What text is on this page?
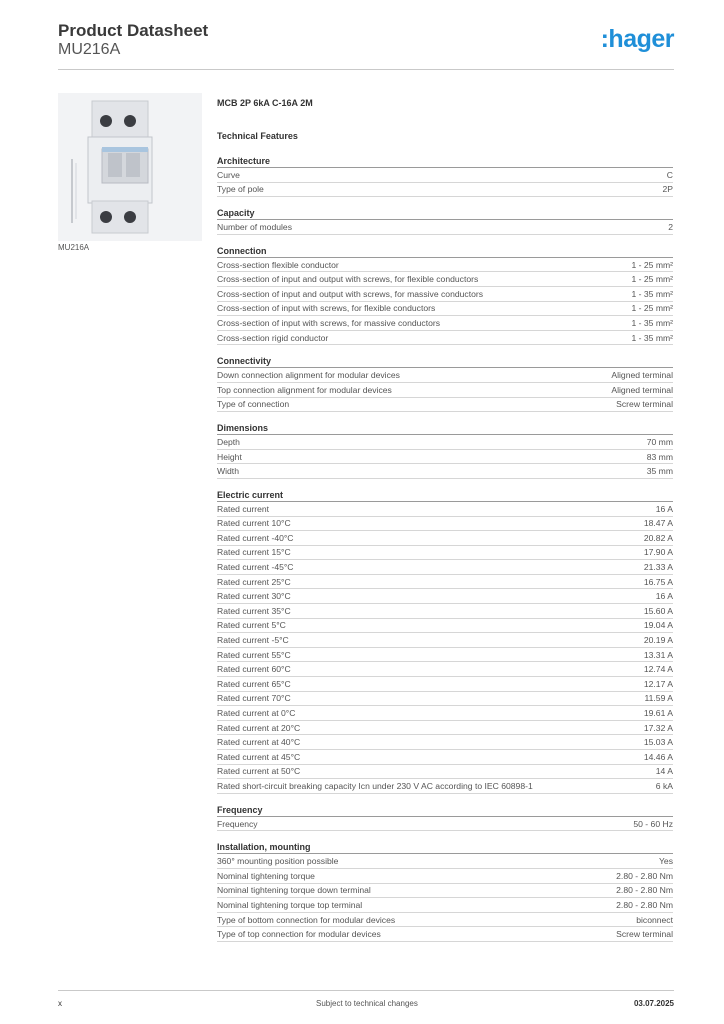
Product Datasheet
MU216A	:hager
MU216A
MCB 2P 6kA C-16A 2M
Technical Features
Architecture
Curve	C
Type of pole	2P
Capacity
Number of modules	2
Connection
Cross-section flexible conductor	1 - 25 mm²
Cross-section of input and output with screws, for flexible conductors	1 - 25 mm²
Cross-section of input and output with screws, for massive conductors	1 - 35 mm²
Cross-section of input with screws, for flexible conductors	1 - 25 mm²
Cross-section of input with screws, for massive conductors	1 - 35 mm²
Cross-section rigid conductor	1 - 35 mm²
Connectivity
Down connection alignment for modular devices	Aligned terminal
Top connection alignment for modular devices	Aligned terminal
Type of connection	Screw terminal
Dimensions
Depth	70 mm
Height	83 mm
Width	35 mm
Electric current
Rated current	16 A
Rated current 10°C	18.47 A
Rated current -40°C	20.82 A
Rated current 15°C	17.90 A
Rated current -45°C	21.33 A
Rated current 25°C	16.75 A
Rated current 30°C	16 A
Rated current 35°C	15.60 A
Rated current 5°C	19.04 A
Rated current -5°C	20.19 A
Rated current 55°C	13.31 A
Rated current 60°C	12.74 A
Rated current 65°C	12.17 A
Rated current 70°C	11.59 A
Rated current at 0°C	19.61 A
Rated current at 20°C	17.32 A
Rated current at 40°C	15.03 A
Rated current at 45°C	14.46 A
Rated current at 50°C	14 A
Rated short-circuit breaking capacity Icn under 230 V AC according to IEC 60898-1	6 kA
Frequency
Frequency	50 - 60 Hz
Installation, mounting
360° mounting position possible	Yes
Nominal tightening torque	2.80 - 2.80 Nm
Nominal tightening torque down terminal	2.80 - 2.80 Nm
Nominal tightening torque top terminal	2.80 - 2.80 Nm
Type of bottom connection for modular devices	biconnect
Type of top connection for modular devices	Screw terminal
x	Subject to technical changes	03.07.2025
